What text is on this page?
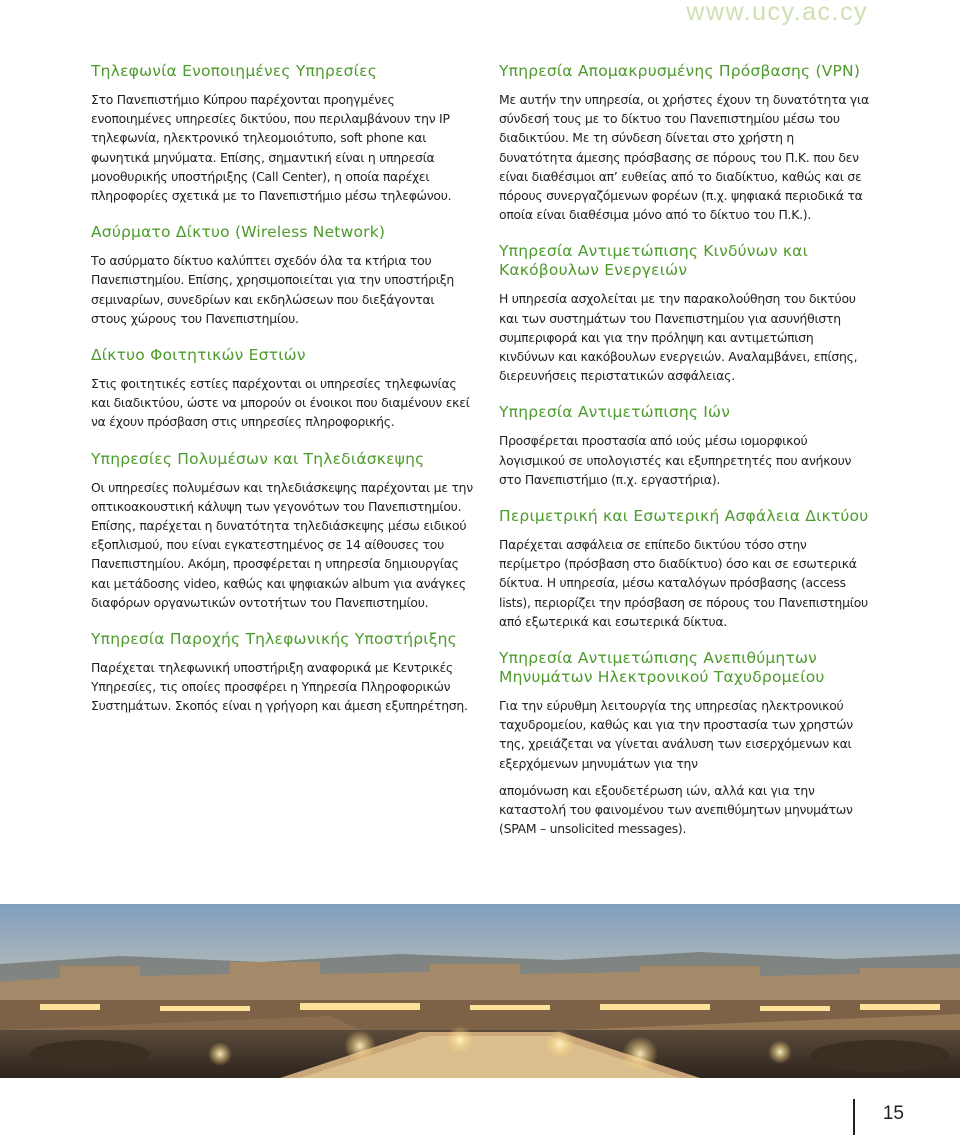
www.ucy.ac.cy
Τηλεφωνία Ενοποιημένες Υπηρεσίες

Στο Πανεπιστήμιο Κύπρου παρέχονται προηγμένες ενοποιημένες υπηρεσίες δικτύου, που περιλαμβάνουν την IP τηλεφωνία, ηλεκτρονικό τηλεομοιότυπο, soft phone και φωνητικά μηνύματα. Επίσης, σημαντική είναι η υπηρεσία μονοθυρικής υποστήριξης (Call Center), η οποία παρέχει πληροφορίες σχετικά με το Πανεπιστήμιο μέσω τηλεφώνου.

Ασύρματο Δίκτυο (Wireless Network)

Το ασύρματο δίκτυο καλύπτει σχεδόν όλα τα κτήρια του Πανεπιστημίου. Επίσης, χρησιμοποιείται για την υποστήριξη σεμιναρίων, συνεδρίων και εκδηλώσεων που διεξάγονται στους χώρους του Πανεπιστημίου.

Δίκτυο Φοιτητικών Εστιών

Στις φοιτητικές εστίες παρέχονται οι υπηρεσίες τηλεφωνίας και διαδικτύου, ώστε να μπορούν οι ένοικοι που διαμένουν εκεί να έχουν πρόσβαση στις υπηρεσίες πληροφορικής.

Υπηρεσίες Πολυμέσων και Τηλεδιάσκεψης

Οι υπηρεσίες πολυμέσων και τηλεδιάσκεψης παρέχονται με την οπτικοακουστική κάλυψη των γεγονότων του Πανεπιστημίου. Επίσης, παρέχεται η δυνατότητα τηλεδιάσκεψης μέσω ειδικού εξοπλισμού, που είναι εγκατεστημένος σε 14 αίθουσες του Πανεπιστημίου. Ακόμη, προσφέρεται η υπηρεσία δημιουργίας και μετάδοσης video, καθώς και ψηφιακών album για ανάγκες διαφόρων οργανωτικών οντοτήτων του Πανεπιστημίου.

Υπηρεσία Παροχής Τηλεφωνικής Υποστήριξης

Παρέχεται τηλεφωνική υποστήριξη αναφορικά με Κεντρικές Υπηρεσίες, τις οποίες προσφέρει η Υπηρεσία Πληροφορικών Συστημάτων. Σκοπός είναι η γρήγορη και άμεση εξυπηρέτηση.

Υπηρεσία Απομακρυσμένης Πρόσβασης (VPN)

Με αυτήν την υπηρεσία, οι χρήστες έχουν τη δυνατότητα για σύνδεσή τους με το δίκτυο του Πανεπιστημίου μέσω του διαδικτύου. Με τη σύνδεση δίνεται στο χρήστη η δυνατότητα άμεσης πρόσβασης σε πόρους του Π.Κ. που δεν είναι διαθέσιμοι απ’ ευθείας από το διαδίκτυο, καθώς και σε πόρους συνεργαζόμενων φορέων (π.χ. ψηφιακά περιοδικά τα οποία είναι διαθέσιμα μόνο από το δίκτυο του Π.Κ.).

Υπηρεσία Αντιμετώπισης Κινδύνων και Κακόβουλων Ενεργειών

Η υπηρεσία ασχολείται με την παρακολούθηση του δικτύου και των συστημάτων του Πανεπιστημίου για ασυνήθιστη συμπεριφορά και για την πρόληψη και αντιμετώπιση κινδύνων και κακόβουλων ενεργειών. Αναλαμβάνει, επίσης, διερευνήσεις περιστατικών ασφάλειας.

Υπηρεσία Αντιμετώπισης Ιών

Προσφέρεται προστασία από ιούς μέσω ιομορφικού λογισμικού σε υπολογιστές και εξυπηρετητές που ανήκουν στο Πανεπιστήμιο (π.χ. εργαστήρια).

Περιμετρική και Εσωτερική Ασφάλεια Δικτύου

Παρέχεται ασφάλεια σε επίπεδο δικτύου τόσο στην περίμετρο (πρόσβαση στο διαδίκτυο) όσο και σε εσωτερικά δίκτυα. Η υπηρεσία, μέσω καταλόγων πρόσβασης (access lists), περιορίζει την πρόσβαση σε πόρους του Πανεπιστημίου από εξωτερικά και εσωτερικά δίκτυα.

Υπηρεσία Αντιμετώπισης Ανεπιθύμητων Μηνυμάτων Ηλεκτρονικού Ταχυδρομείου

Για την εύρυθμη λειτουργία της υπηρεσίας ηλεκτρονικού ταχυδρομείου, καθώς και για την προστασία των χρηστών της, χρειάζεται να γίνεται ανάλυση των εισερχόμενων και εξερχόμενων μηνυμάτων για την

απομόνωση και εξουδετέρωση ιών, αλλά και για την καταστολή του φαινομένου των ανεπιθύμητων μηνυμάτων (SPAM – unsolicited messages).

15
